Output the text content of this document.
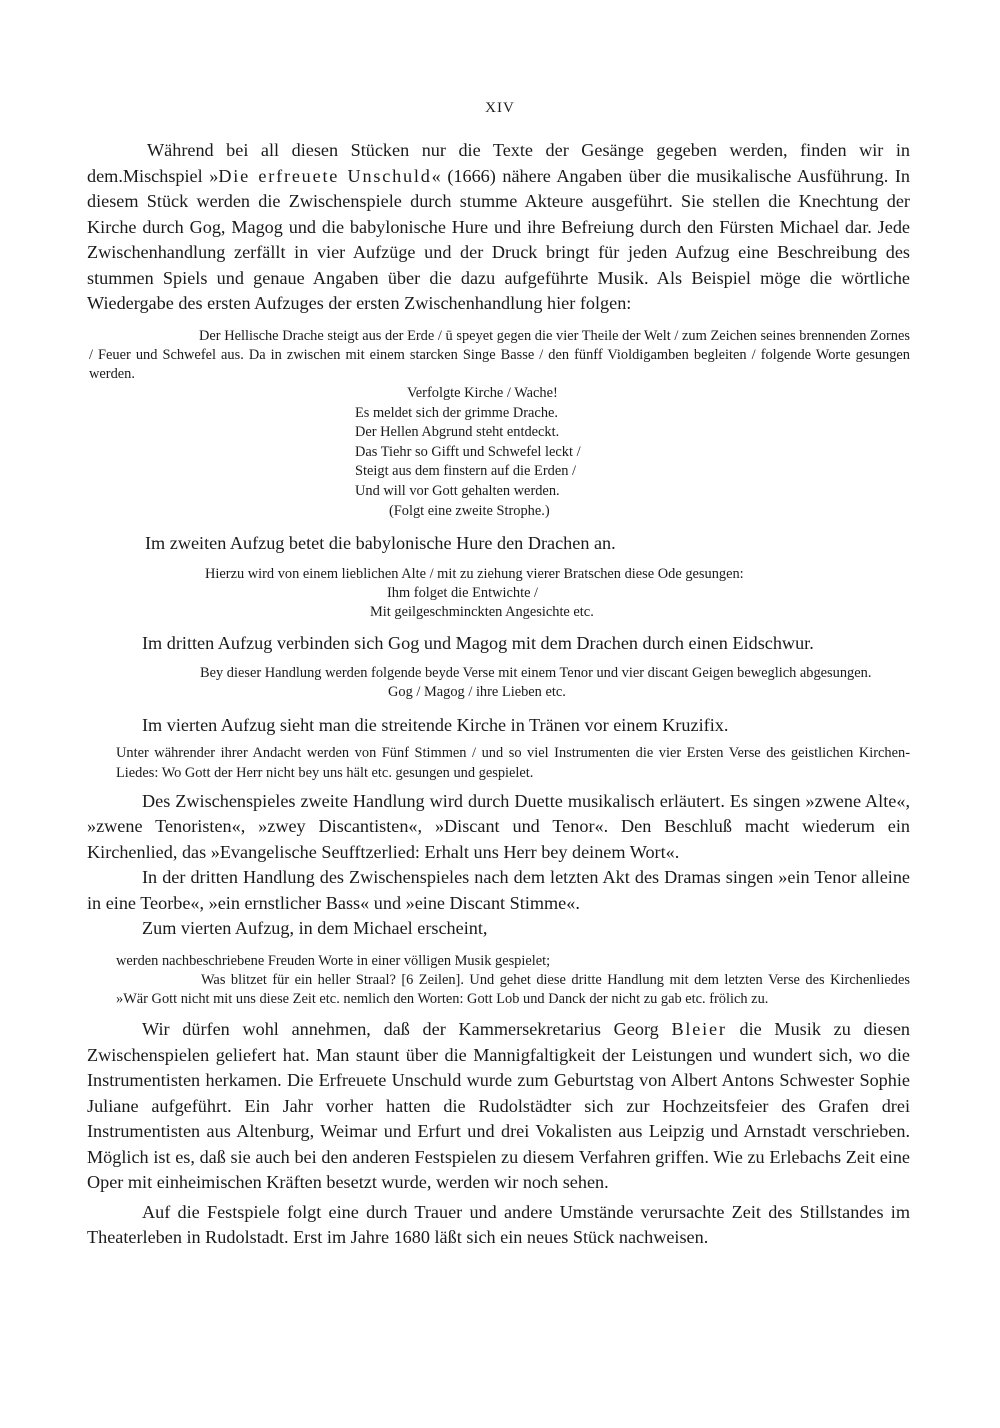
XIV

Während bei all diesen Stücken nur die Texte der Gesänge gegeben werden, finden wir in dem.Mischspiel »Die erfreuete Unschuld« (1666) nähere Angaben über die musikalische Ausführung. In diesem Stück werden die Zwischenspiele durch stumme Akteure ausgeführt. Sie stellen die Knechtung der Kirche durch Gog, Magog und die babylonische Hure und ihre Befreiung durch den Fürsten Michael dar. Jede Zwischenhandlung zerfällt in vier Aufzüge und der Druck bringt für jeden Aufzug eine Beschreibung des stummen Spiels und genaue Angaben über die dazu aufgeführte Musik. Als Beispiel möge die wörtliche Wiedergabe des ersten Aufzuges der ersten Zwischenhandlung hier folgen:

Der Hellische Drache steigt aus der Erde / ū speyet gegen die vier Theile der Welt / zum Zeichen seines brennenden Zornes / Feuer und Schwefel aus. Da in zwischen mit einem starcken Singe Basse / den fünff Violdigamben begleiten / folgende Worte gesungen werden.

Verfolgte Kirche / Wache!
Es meldet sich der grimme Drache.
Der Hellen Abgrund steht entdeckt.
Das Tiehr so Gifft und Schwefel leckt /
Steigt aus dem finstern auf die Erden /
Und will vor Gott gehalten werden.
(Folgt eine zweite Strophe.)

Im zweiten Aufzug betet die babylonische Hure den Drachen an.

Hierzu wird von einem lieblichen Alte / mit zu ziehung vierer Bratschen diese Ode gesungen:

Ihm folget die Entwichte /
Mit geilgeschminckten Angesichte etc.

Im dritten Aufzug verbinden sich Gog und Magog mit dem Drachen durch einen Eidschwur.

Bey dieser Handlung werden folgende beyde Verse mit einem Tenor und vier discant Geigen beweglich abgesungen.

Gog / Magog / ihre Lieben etc.

Im vierten Aufzug sieht man die streitende Kirche in Tränen vor einem Kruzifix.

Unter währender ihrer Andacht werden von Fünf Stimmen / und so viel Instrumenten die vier Ersten Verse des geistlichen Kirchen-Liedes: Wo Gott der Herr nicht bey uns hält etc. gesungen und gespielet.

Des Zwischenspieles zweite Handlung wird durch Duette musikalisch erläutert. Es singen »zwene Alte«, »zwene Tenoristen«, »zwey Discantisten«, »Discant und Tenor«. Den Beschluß macht wiederum ein Kirchenlied, das »Evangelische Seufftzerlied: Erhalt uns Herr bey deinem Wort«.

In der dritten Handlung des Zwischenspieles nach dem letzten Akt des Dramas singen »ein Tenor alleine in eine Teorbe«, »ein ernstlicher Bass« und »eine Discant Stimme«.

Zum vierten Aufzug, in dem Michael erscheint,

werden nachbeschriebene Freuden Worte in einer völligen Musik gespielet;

Was blitzet für ein heller Straal? [6 Zeilen]. Und gehet diese dritte Handlung mit dem letzten Verse des Kirchenliedes »Wär Gott nicht mit uns diese Zeit etc. nemlich den Worten: Gott Lob und Danck der nicht zu gab etc. frölich zu.

Wir dürfen wohl annehmen, daß der Kammersekretarius Georg Bleier die Musik zu diesen Zwischenspielen geliefert hat. Man staunt über die Mannigfaltigkeit der Leistungen und wundert sich, wo die Instrumentisten herkamen. Die Erfreuete Unschuld wurde zum Geburtstag von Albert Antons Schwester Sophie Juliane aufgeführt. Ein Jahr vorher hatten die Rudolstädter sich zur Hochzeitsfeier des Grafen drei Instrumentisten aus Altenburg, Weimar und Erfurt und drei Vokalisten aus Leipzig und Arnstadt verschrieben. Möglich ist es, daß sie auch bei den anderen Festspielen zu diesem Verfahren griffen. Wie zu Erlebachs Zeit eine Oper mit einheimischen Kräften besetzt wurde, werden wir noch sehen.

Auf die Festspiele folgt eine durch Trauer und andere Umstände verursachte Zeit des Stillstandes im Theaterleben in Rudolstadt. Erst im Jahre 1680 läßt sich ein neues Stück nachweisen.
